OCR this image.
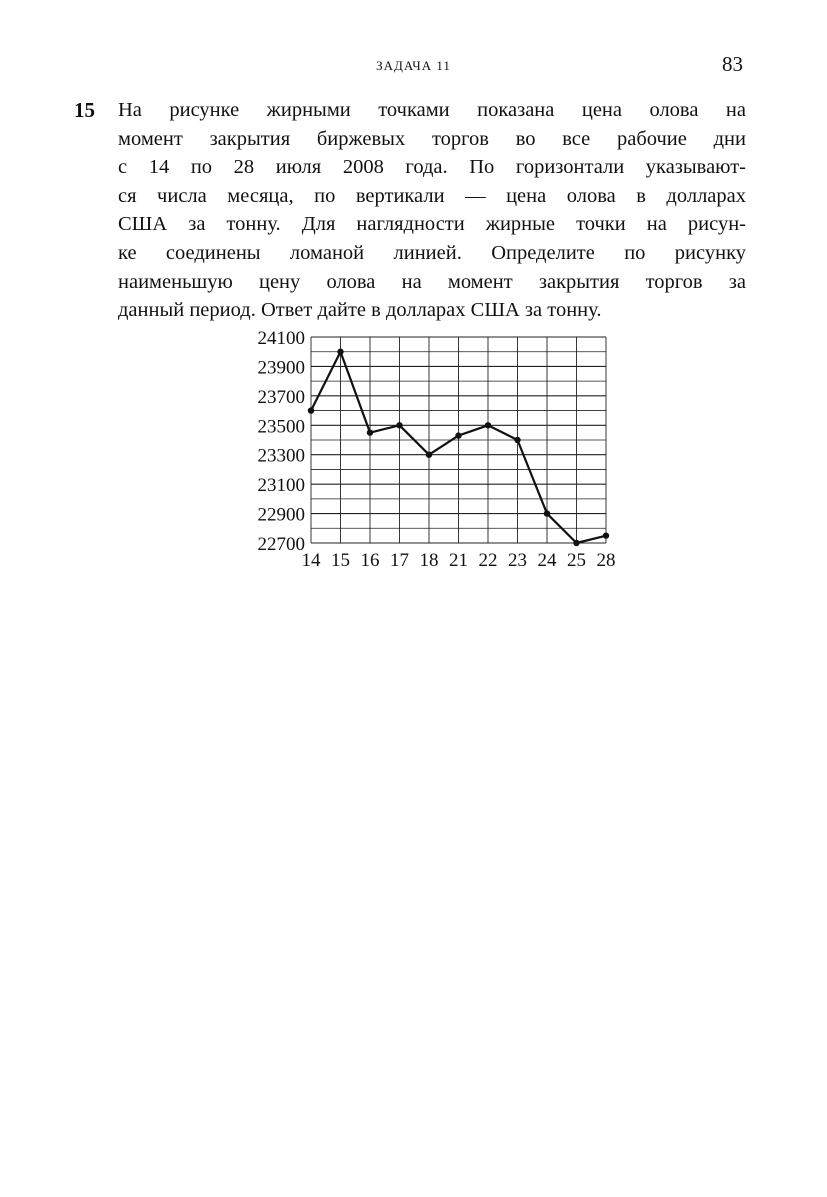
ЗАДАЧА 11	83
15 На рисунке жирными точками показана цена олова на
момент закрытия биржевых торгов во все рабочие дни
с 14 по 28 июля 2008 года. По горизонтали указывают-
ся числа месяца, по вертикали — цена олова в долларах
США за тонну. Для наглядности жирные точки на рисун-
ке соединены ломаной линией. Определите по рисунку
наименьшую цену олова на момент закрытия торгов за
данный период. Ответ дайте в долларах США за тонну.

24100
23900
23700
23500
23300
23100
22900
22700
14 15 16 17 18 21 22 23 24 25 28
